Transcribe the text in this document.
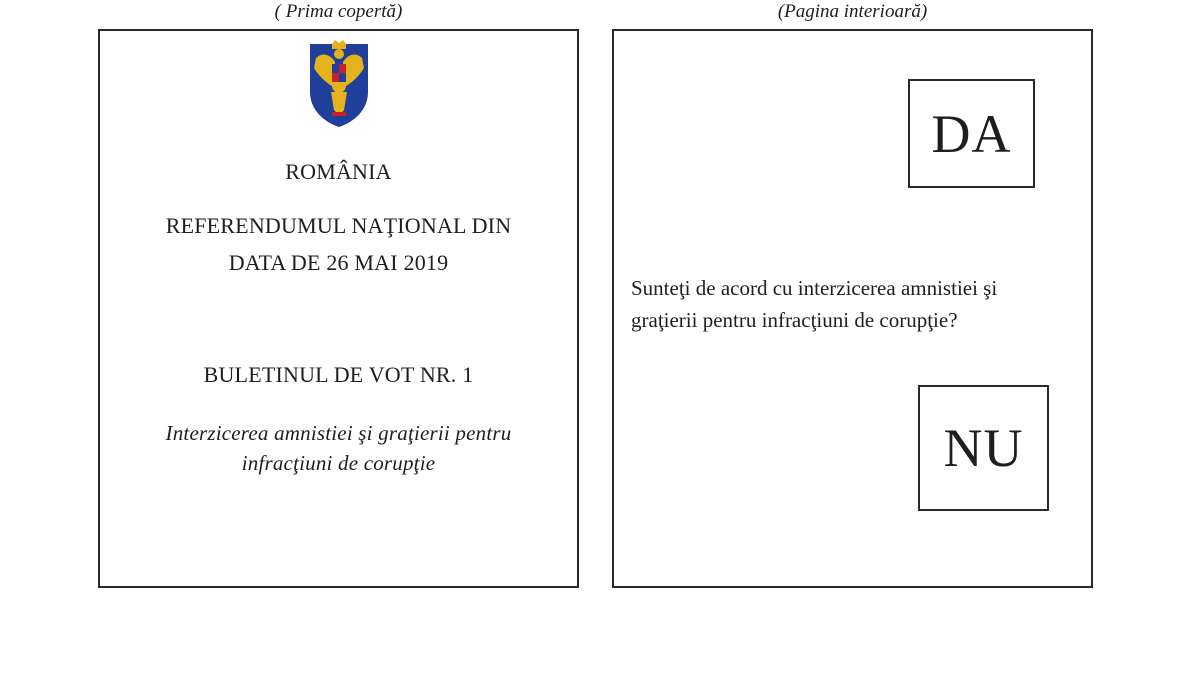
( Prima copertă)	(Pagina interioară)
ROMÂNIA
REFERENDUMUL NAŢIONAL DIN
DATA DE 26 MAI 2019
BULETINUL DE VOT NR. 1
Interzicerea amnistiei şi graţierii pentru
infracţiuni de corupţie
DA
Sunteţi de acord cu interzicerea amnistiei şi
graţierii pentru infracţiuni de corupţie?
NU
